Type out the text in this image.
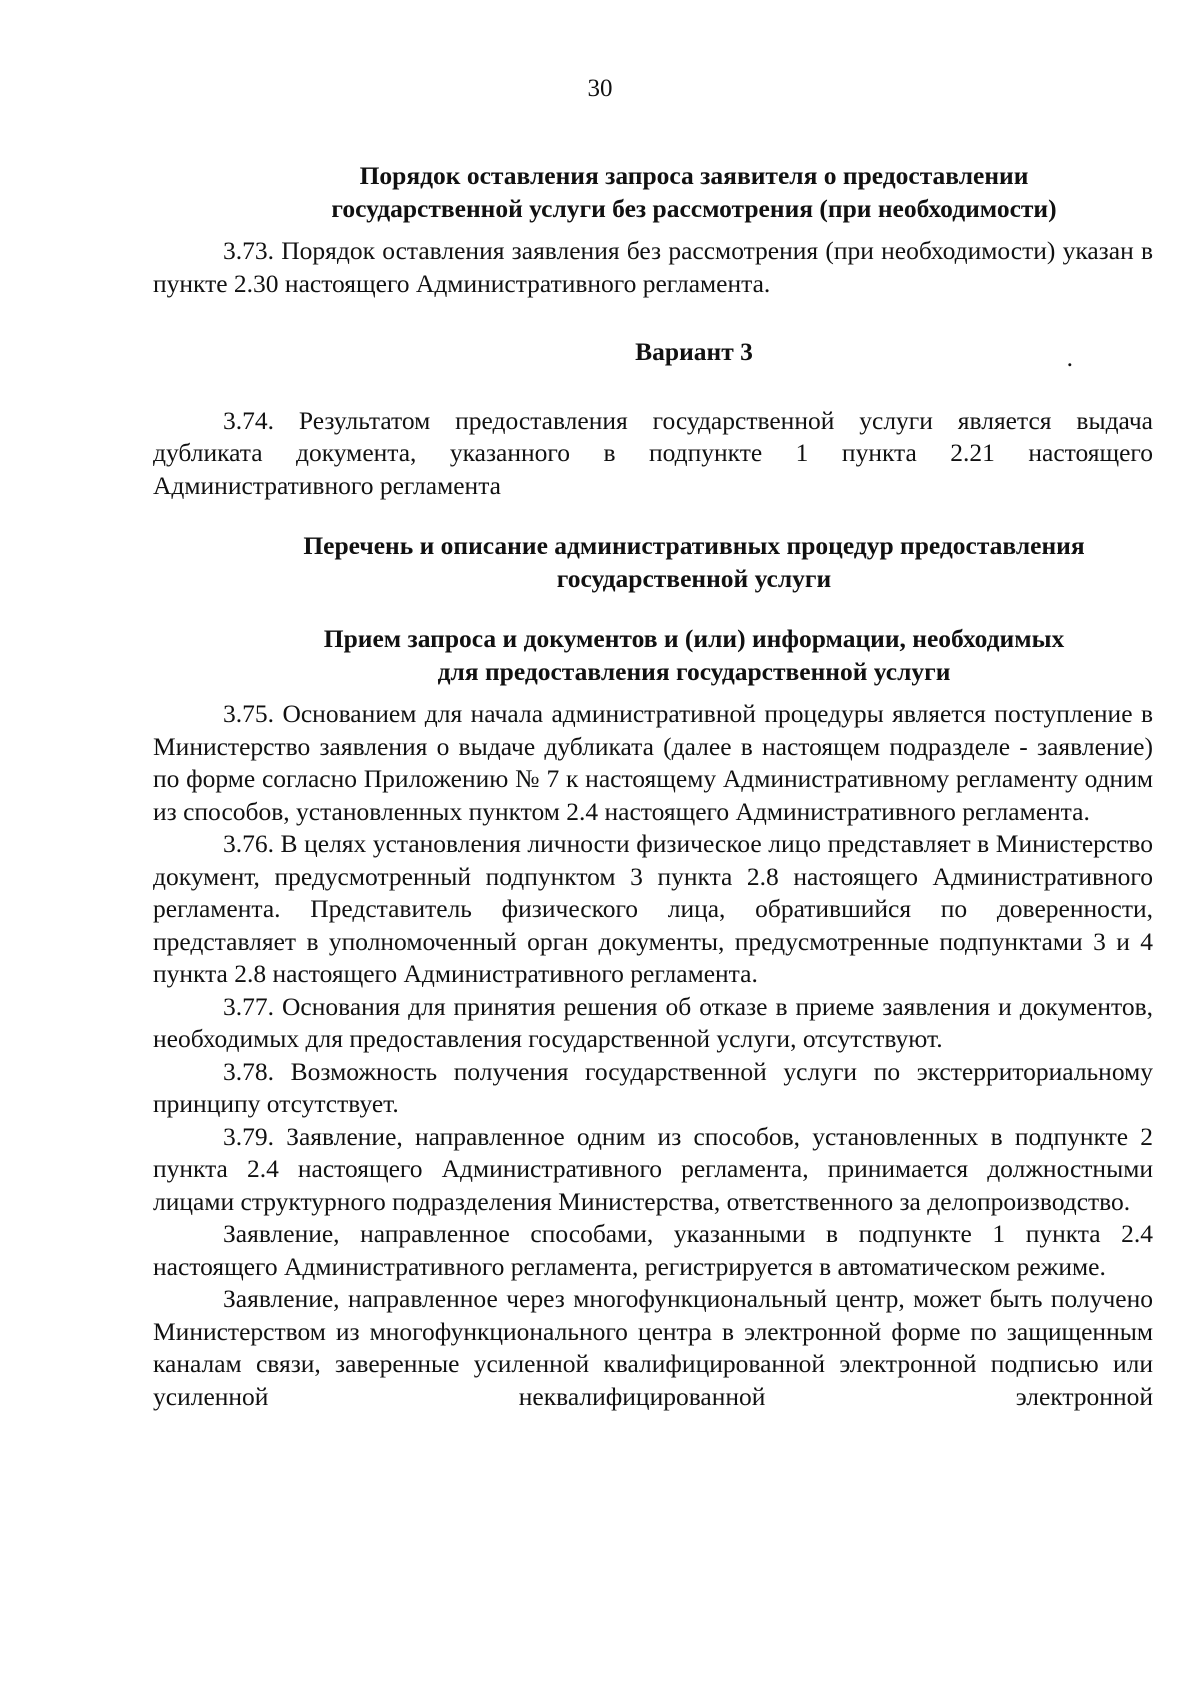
30
Порядок оставления запроса заявителя о предоставлении
государственной услуги без рассмотрения (при необходимости)

3.73. Порядок оставления заявления без рассмотрения (при необходимости) указан в пункте 2.30 настоящего Административного регламента.

Вариант 3	.

3.74. Результатом предоставления государственной услуги является выдача дубликата документа, указанного в подпункте 1 пункта 2.21 настоящего Административного регламента

Перечень и описание административных процедур предоставления
государственной услуги
Прием запроса и документов и (или) информации, необходимых
для предоставления государственной услуги

3.75. Основанием для начала административной процедуры является поступление в Министерство заявления о выдаче дубликата (далее в настоящем подразделе - заявление) по форме согласно Приложению № 7 к настоящему Административному регламенту одним из способов, установленных пунктом 2.4 настоящего Административного регламента.

3.76. В целях установления личности физическое лицо представляет в Министерство документ, предусмотренный подпунктом 3 пункта 2.8 настоящего Административного регламента. Представитель физического лица, обратившийся по доверенности, представляет в уполномоченный орган документы, предусмотренные подпунктами 3 и 4 пункта 2.8 настоящего Административного регламента.

3.77. Основания для принятия решения об отказе в приеме заявления и документов, необходимых для предоставления государственной услуги, отсутствуют.

3.78. Возможность получения государственной услуги по экстерриториальному принципу отсутствует.

3.79. Заявление, направленное одним из способов, установленных в подпункте 2 пункта 2.4 настоящего Административного регламента, принимается должностными лицами структурного подразделения Министерства, ответственного за делопроизводство.

Заявление, направленное способами, указанными в подпункте 1 пункта 2.4 настоящего Административного регламента, регистрируется в автоматическом режиме.

Заявление, направленное через многофункциональный центр, может быть получено Министерством из многофункционального центра в электронной форме по защищенным каналам связи, заверенные усиленной квалифицированной электронной подписью или усиленной неквалифицированной электронной
